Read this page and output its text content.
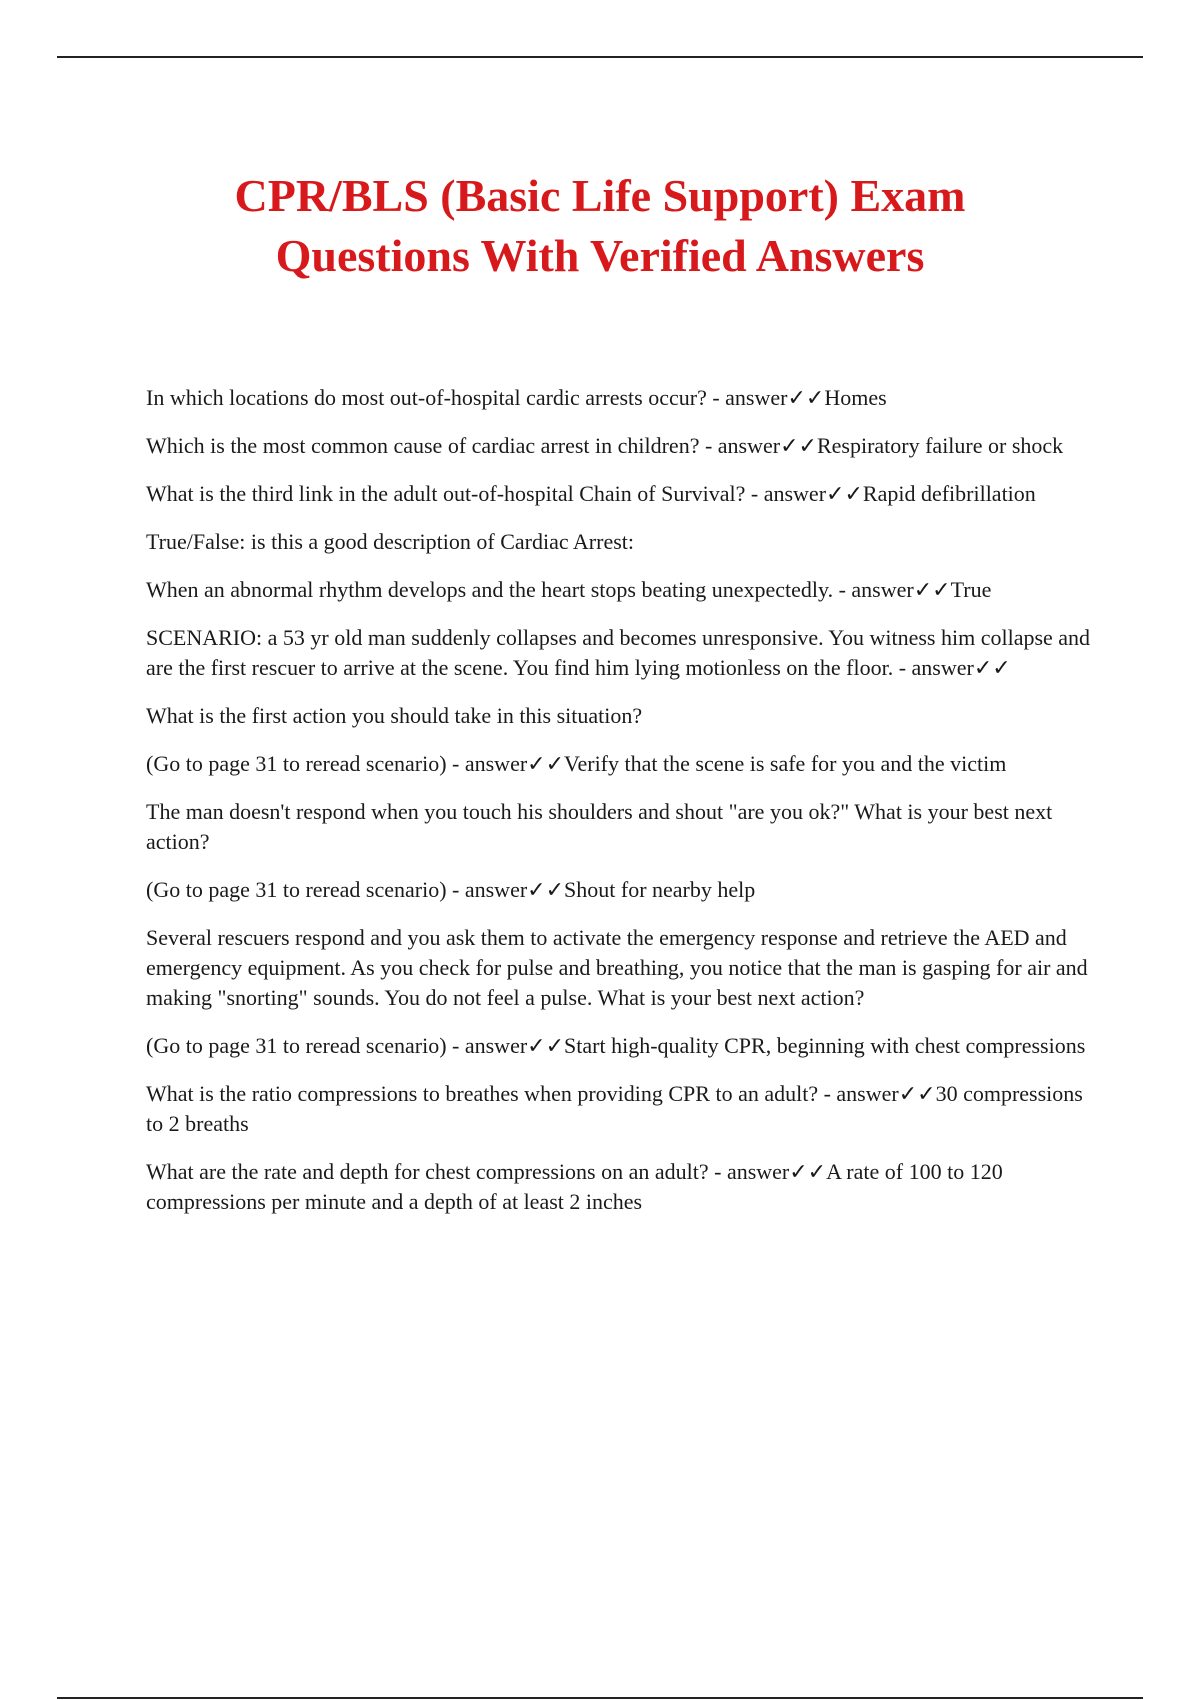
CPR/BLS (Basic Life Support) Exam
Questions With Verified Answers

In which locations do most out-of-hospital cardic arrests occur? - answer✓✓Homes

Which is the most common cause of cardiac arrest in children? - answer✓✓Respiratory failure or shock

What is the third link in the adult out-of-hospital Chain of Survival? - answer✓✓Rapid defibrillation

True/False: is this a good description of Cardiac Arrest:

When an abnormal rhythm develops and the heart stops beating unexpectedly. - answer✓✓True

SCENARIO: a 53 yr old man suddenly collapses and becomes unresponsive. You witness him collapse and are the first rescuer to arrive at the scene. You find him lying motionless on the floor. - answer✓✓

What is the first action you should take in this situation?

(Go to page 31 to reread scenario) - answer✓✓Verify that the scene is safe for you and the victim

The man doesn't respond when you touch his shoulders and shout "are you ok?" What is your best next action?

(Go to page 31 to reread scenario) - answer✓✓Shout for nearby help

Several rescuers respond and you ask them to activate the emergency response and retrieve the AED and emergency equipment. As you check for pulse and breathing, you notice that the man is gasping for air and making "snorting" sounds. You do not feel a pulse. What is your best next action?

(Go to page 31 to reread scenario) - answer✓✓Start high-quality CPR, beginning with chest compressions

What is the ratio compressions to breathes when providing CPR to an adult? - answer✓✓30 compressions to 2 breaths

What are the rate and depth for chest compressions on an adult? - answer✓✓A rate of 100 to 120 compressions per minute and a depth of at least 2 inches
